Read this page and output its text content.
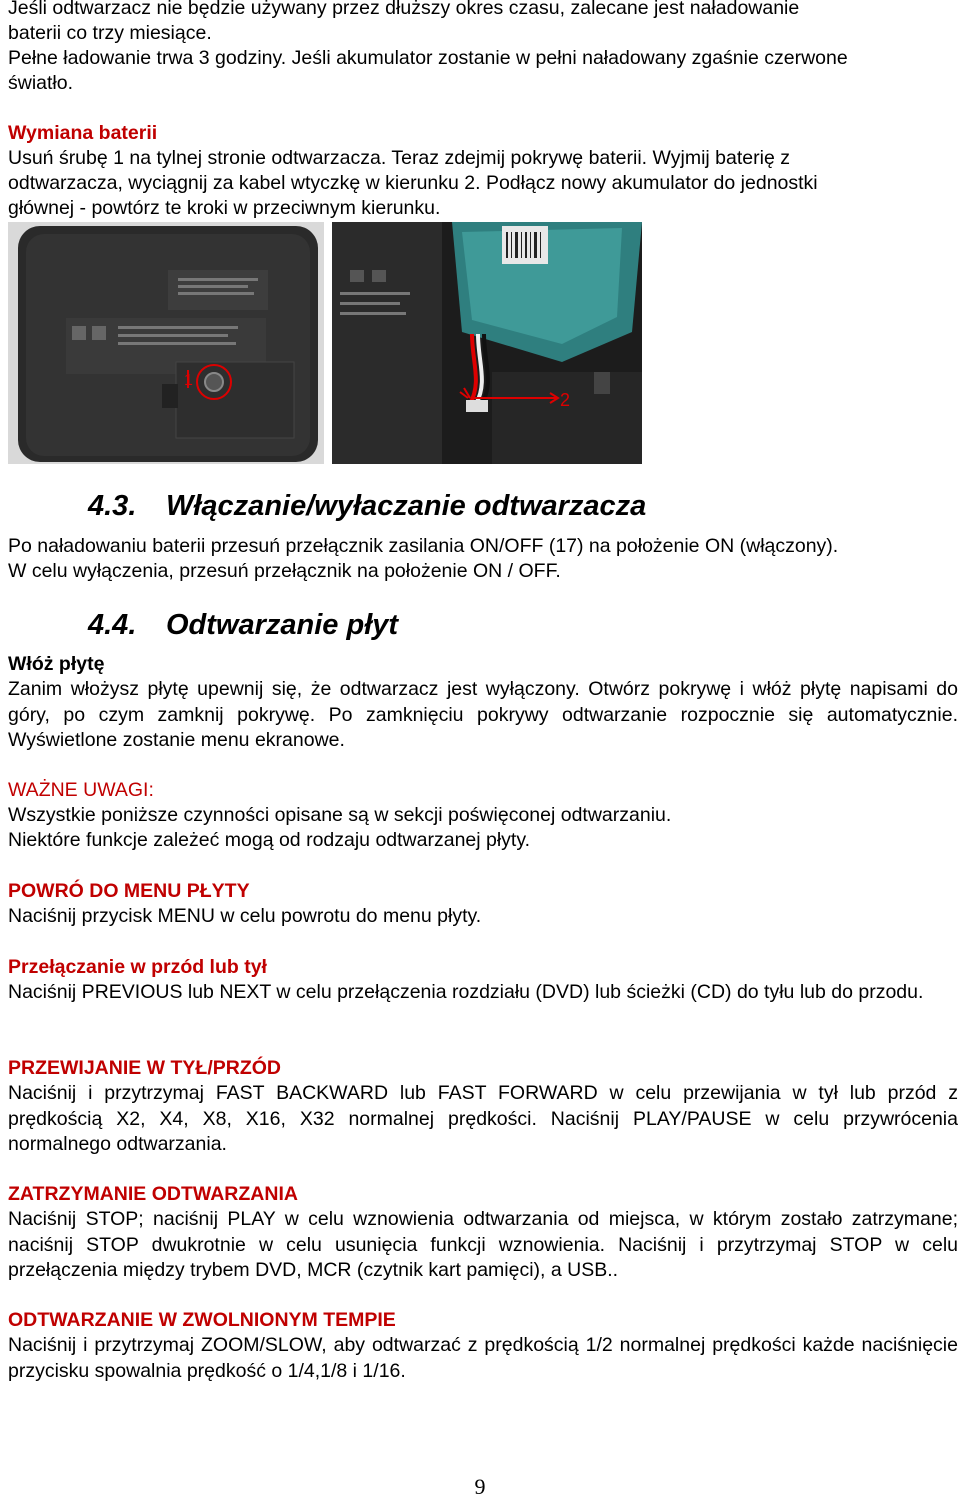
Jeśli odtwarzacz nie będzie używany przez dłuższy okres czasu, zalecane jest naładowanie

baterii co trzy miesiące.

Pełne ładowanie trwa 3 godziny. Jeśli akumulator zostanie w pełni naładowany zgaśnie czerwone

światło.

Wymiana baterii

Usuń śrubę 1 na tylnej stronie odtwarzacza. Teraz zdejmij pokrywę baterii. Wyjmij baterię z

odtwarzacza, wyciągnij za kabel wtyczkę w kierunku 2. Podłącz nowy akumulator do jednostki

głównej - powtórz te kroki w przeciwnym kierunku.

1
2
4.3. Włączanie/wyłaczanie odtwarzacza

Po naładowaniu baterii przesuń przełącznik zasilania ON/OFF (17) na położenie ON (włączony).

W celu wyłączenia, przesuń przełącznik na położenie ON / OFF.

4.4. Odtwarzanie płyt

Włóż płytę

Zanim włożysz płytę upewnij się, że odtwarzacz jest wyłączony. Otwórz pokrywę i włóż płytę napisami do góry, po czym zamknij pokrywę. Po zamknięciu pokrywy odtwarzanie rozpocznie się automatycznie. Wyświetlone zostanie menu ekranowe.

WAŻNE UWAGI:

Wszystkie poniższe czynności opisane są w sekcji poświęconej odtwarzaniu.

Niektóre funkcje zależeć mogą od rodzaju odtwarzanej płyty.

POWRÓ DO MENU PŁYTY

Naciśnij przycisk MENU w celu powrotu do menu płyty.

Przełączanie w przód lub tył

Naciśnij PREVIOUS lub NEXT w celu przełączenia rozdziału (DVD) lub ścieżki (CD) do tyłu lub do przodu.

PRZEWIJANIE W TYŁ/PRZÓD

Naciśnij i przytrzymaj FAST BACKWARD lub FAST FORWARD w celu przewijania w tył lub przód z prędkością X2, X4, X8, X16, X32 normalnej prędkości. Naciśnij PLAY/PAUSE w celu przywrócenia normalnego odtwarzania.

ZATRZYMANIE ODTWARZANIA

Naciśnij STOP; naciśnij PLAY w celu wznowienia odtwarzania od miejsca, w którym zostało zatrzymane; naciśnij STOP dwukrotnie w celu usunięcia funkcji wznowienia. Naciśnij i przytrzymaj STOP w celu przełączenia między trybem DVD, MCR (czytnik kart pamięci), a USB..

ODTWARZANIE W ZWOLNIONYM TEMPIE

Naciśnij i przytrzymaj ZOOM/SLOW, aby odtwarzać z prędkością 1/2 normalnej prędkości każde naciśnięcie przycisku spowalnia prędkość o 1/4,1/8 i 1/16.

9
